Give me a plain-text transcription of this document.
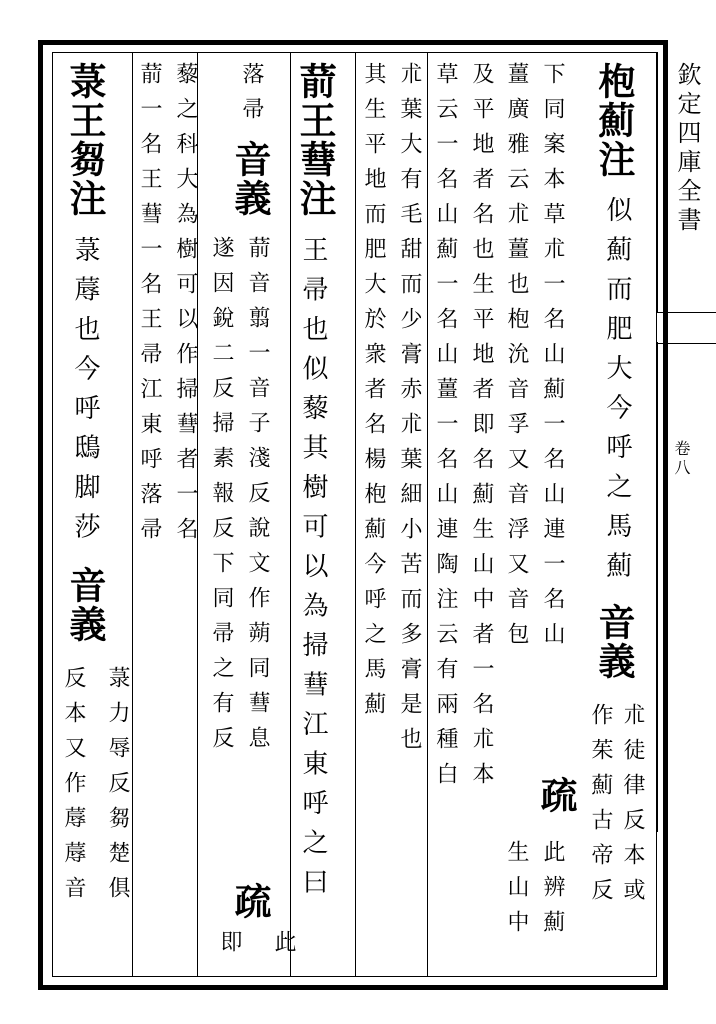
欽定四庫全書
卷八
枹薊注
似薊而肥大今呼之馬薊
音義
朮徒律反本或
作茱薊古帝反
下同案本草朮一名山薊一名山連一名山
疏
此辨薊
薑廣雅云朮薑也枹沇音孚又音浮又音包
生山中
及平地者名也生平地者即名薊生山中者一名朮本
草云一名山薊一名山薑一名山連陶注云有兩種白
朮葉大有毛甜而少膏赤朮葉細小苦而多膏是也
其生平地而肥大於衆者名楊枹薊今呼之馬薊
葥王蔧注
王帚也似藜其樹可以為掃蔧江東呼之曰
落帚
音義
葥音翦一音子淺反說文作蒴同蔧息
疏
此
遂因銳二反掃素報反下同帚之有反
即
藜之科大為樹可以作掃蔧者一名
葥一名王蔧一名王帚江東呼落帚
菉王芻注
菉蓐也今呼鴟脚莎
音義
菉力辱反芻楚俱
反本又作蓐蓐音
